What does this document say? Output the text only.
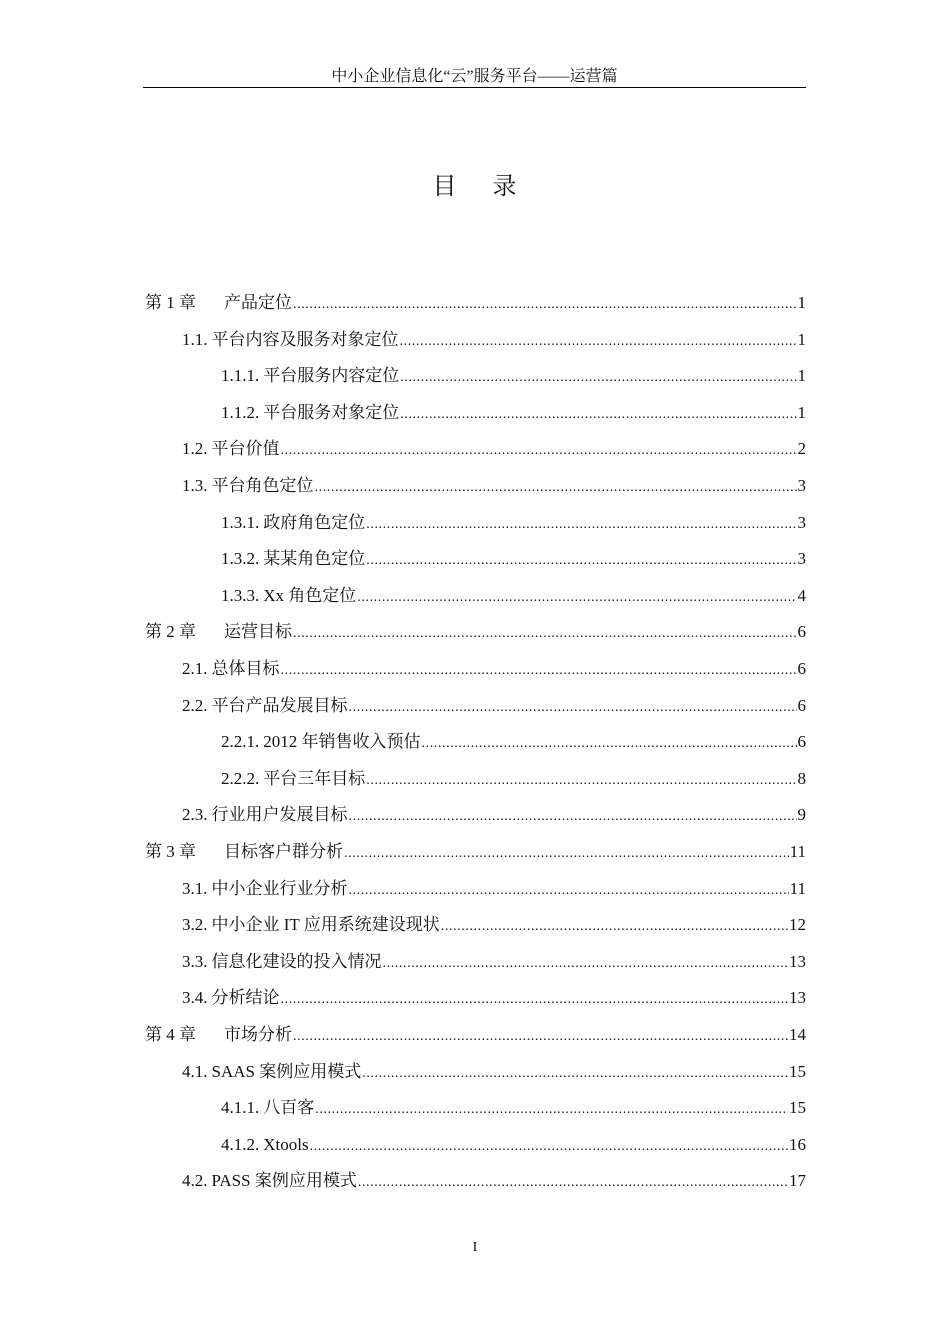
中小企业信息化“云”服务平台——运营篇
目录
第 1 章 产品定位 .....	1
1.1. 平台内容及服务对象定位 .....	1
1.1.1. 平台服务内容定位 .....	1
1.1.2. 平台服务对象定位 .....	1
1.2. 平台价值 .....	2
1.3. 平台角色定位 .....	3
1.3.1. 政府角色定位 .....	3
1.3.2. 某某角色定位 .....	3
1.3.3. Xx 角色定位 .....	4
第 2 章 运营目标 .....	6
2.1. 总体目标 .....	6
2.2. 平台产品发展目标 .....	6
2.2.1. 2012 年销售收入预估 .....	6
2.2.2. 平台三年目标 .....	8
2.3. 行业用户发展目标 .....	9
第 3 章 目标客户群分析 .....	11
3.1. 中小企业行业分析 .....	11
3.2. 中小企业 IT 应用系统建设现状 .....	12
3.3. 信息化建设的投入情况 .....	13
3.4. 分析结论 .....	13
第 4 章 市场分析 .....	14
4.1. SAAS 案例应用模式 .....	15
4.1.1. 八百客 .....	15
4.1.2. Xtools .....	16
4.2. PASS 案例应用模式 .....	17
I
